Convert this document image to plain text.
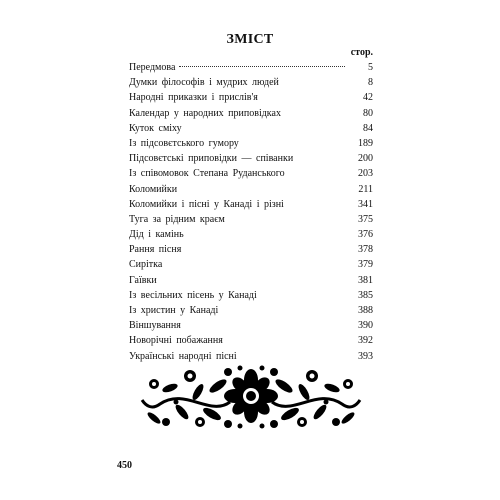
ЗМІСТ
стор.
Передмова	5
Думки філософів і мудрих людей	8
Народні приказки і прислів'я	42
Календар у народних приповідках	80
Куток сміху	84
Із підсовєтського гумору	189
Підсовєтські приповідки — співанки	200
Із співомовок Степана Руданського	203
Коломийки	211
Коломийки і пісні у Канаді і різні	341
Туга за рідним краєм	375
Дід і камінь	376
Рання пісня	378
Сирітка	379
Гаївки	381
Із весільних пісень у Канаді	385
Із христин у Канаді	388
Віншування	390
Новорічні побажання	392
Українські народні пісні	393
450
